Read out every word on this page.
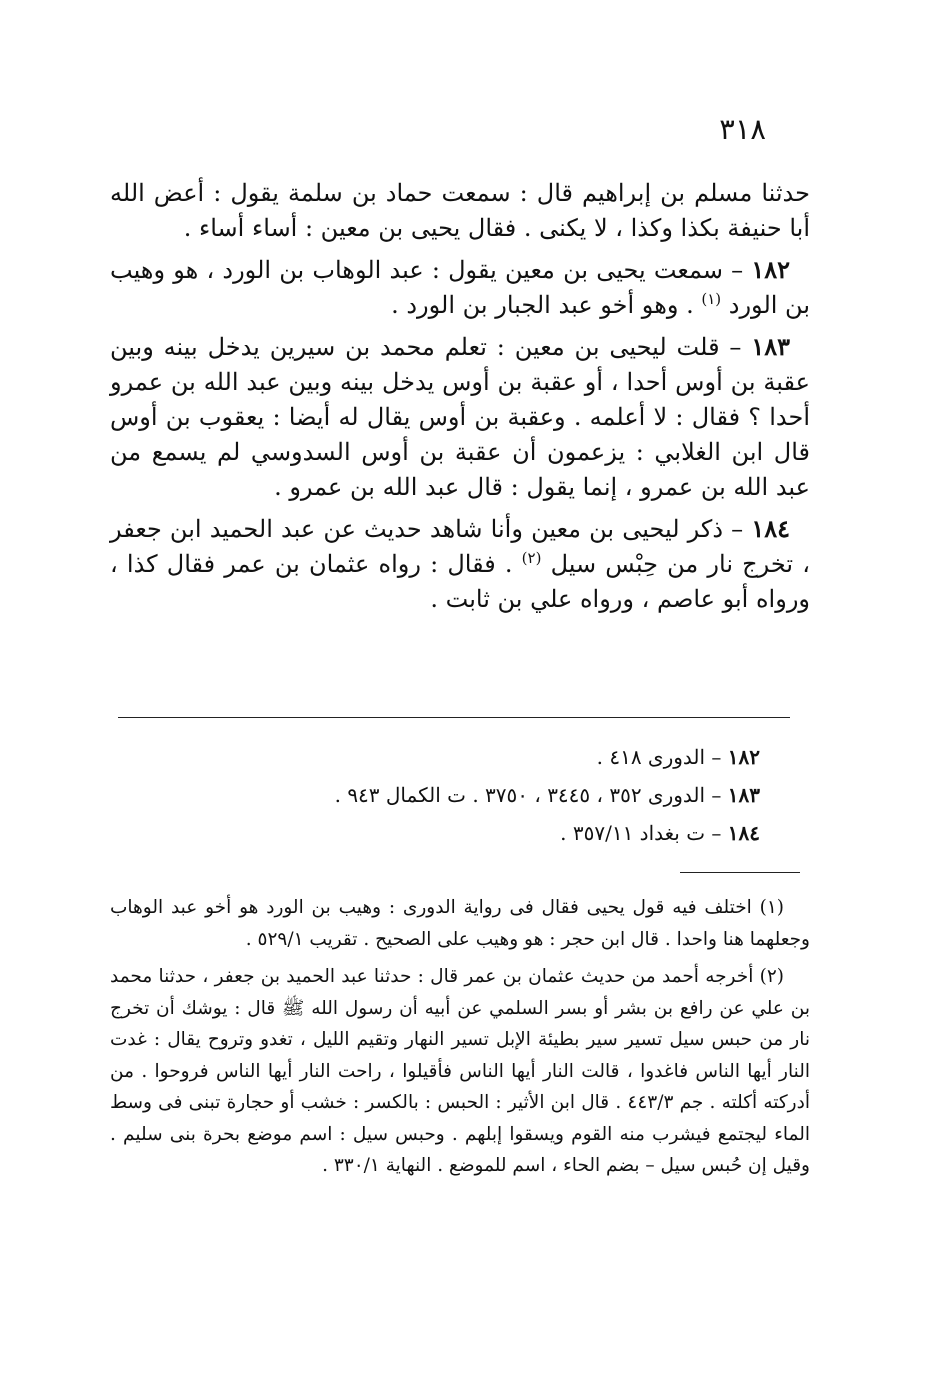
٣١٨

حدثنا مسلم بن إبراهيم قال : سمعت حماد بن سلمة يقول : أعض الله أبا حنيفة بكذا وكذا ، لا يكنى . فقال يحيى بن معين : أساء أساء .

١٨٢ – سمعت يحيى بن معين يقول : عبد الوهاب بن الورد ، هو وهيب بن الورد $^{(١)}$ . وهو أخو عبد الجبار بن الورد .

١٨٣ – قلت ليحيى بن معين : تعلم محمد بن سيرين يدخل بينه وبين عقبة بن أوس أحدا ، أو عقبة بن أوس يدخل بينه وبين عبد الله بن عمرو أحدا ؟ فقال : لا أعلمه . وعقبة بن أوس يقال له أيضا : يعقوب بن أوس قال ابن الغلابي : يزعمون أن عقبة بن أوس السدوسي لم يسمع من عبد الله بن عمرو ، إنما يقول : قال عبد الله بن عمرو .

١٨٤ – ذكر ليحيى بن معين وأنا شاهد حديث عن عبد الحميد ابن جعفر ، تخرج نار من حِبْس سيل $^{(٢)}$ . فقال : رواه عثمان بن عمر فقال كذا ، ورواه أبو عاصم ، ورواه علي بن ثابت .

١٨٢ – الدورى ٤١٨ .
١٨٣ – الدورى ٣٥٢ ، ٣٤٤٥ ، ٣٧٥٠ . ت الكمال ٩٤٣ .
١٨٤ – ت بغداد ٣٥٧/١١ .

(١) اختلف فيه قول يحيى فقال فى رواية الدورى : وهيب بن الورد هو أخو عبد الوهاب وجعلهما هنا واحدا . قال ابن حجر : هو وهيب على الصحيح . تقريب ٥٢٩/١ .

(٢) أخرجه أحمد من حديث عثمان بن عمر قال : حدثنا عبد الحميد بن جعفر ، حدثنا محمد بن علي عن رافع بن بشر أو بسر السلمي عن أبيه أن رسول الله ﷺ قال : يوشك أن تخرج نار من حبس سيل تسير سير بطيئة الإبل تسير النهار وتقيم الليل ، تغدو وتروح يقال : غدت النار أيها الناس فاغدوا ، قالت النار أيها الناس فأقيلوا ، راحت النار أيها الناس فروحوا . من أدركته أكلته . جم ٤٤٣/٣ . قال ابن الأثير : الحبس : بالكسر : خشب أو حجارة تبنى فى وسط الماء ليجتمع فيشرب منه القوم ويسقوا إبلهم . وحبس سيل : اسم موضع بحرة بنى سليم . وقيل إن حُبس سيل – بضم الحاء ، اسم للموضع . النهاية ٣٣٠/١ .
